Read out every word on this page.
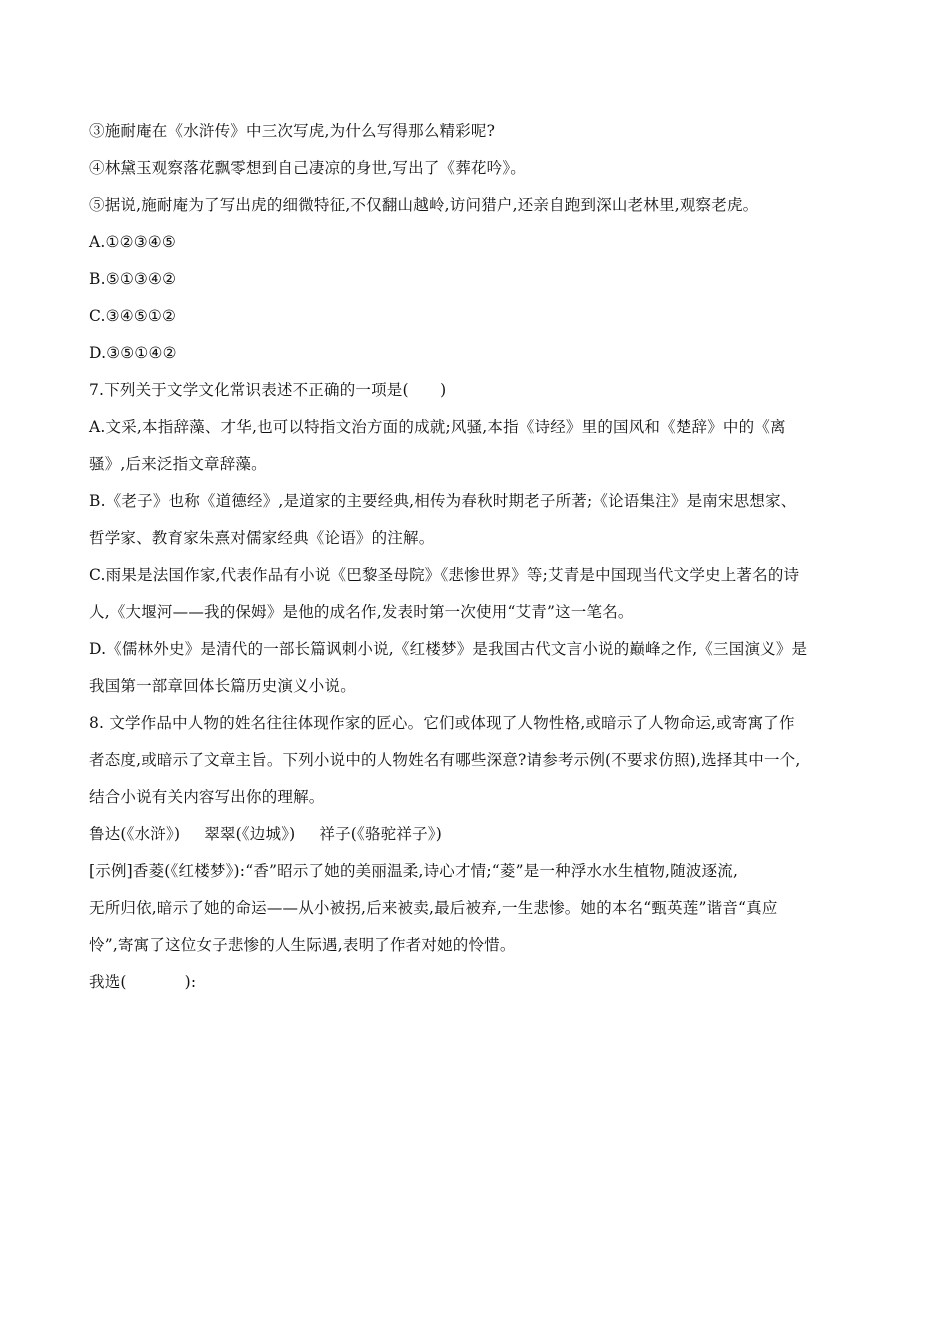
③施耐庵在《水浒传》中三次写虎,为什么写得那么精彩呢?
④林黛玉观察落花飘零想到自己凄凉的身世,写出了《葬花吟》。
⑤据说,施耐庵为了写出虎的细微特征,不仅翻山越岭,访问猎户,还亲自跑到深山老林里,观察老虎。
A.①②③④⑤
B.⑤①③④②
C.③④⑤①②
D.③⑤①④②
7.下列关于文学文化常识表述不正确的一项是(　　)
A.文采,本指辞藻、才华,也可以特指文治方面的成就;风骚,本指《诗经》里的国风和《楚辞》中的《离
骚》,后来泛指文章辞藻。
B.《老子》也称《道德经》,是道家的主要经典,相传为春秋时期老子所著;《论语集注》是南宋思想家、
哲学家、教育家朱熹对儒家经典《论语》的注解。
C.雨果是法国作家,代表作品有小说《巴黎圣母院》《悲惨世界》等;艾青是中国现当代文学史上著名的诗
人,《大堰河——我的保姆》是他的成名作,发表时第一次使用“艾青”这一笔名。
D.《儒林外史》是清代的一部长篇讽刺小说,《红楼梦》是我国古代文言小说的巅峰之作,《三国演义》是
我国第一部章回体长篇历史演义小说。
8. 文学作品中人物的姓名往往体现作家的匠心。它们或体现了人物性格,或暗示了人物命运,或寄寓了作
者态度,或暗示了文章主旨。下列小说中的人物姓名有哪些深意?请参考示例(不要求仿照),选择其中一个,
结合小说有关内容写出你的理解。
鲁达(《水浒》) 翠翠(《边城》) 祥子(《骆驼祥子》)
[示例]香菱(《红楼梦》):“香”昭示了她的美丽温柔,诗心才情;“菱”是一种浮水水生植物,随波逐流,
无所归依,暗示了她的命运——从小被拐,后来被卖,最后被弃,一生悲惨。她的本名“甄英莲”谐音“真应
怜”,寄寓了这位女子悲惨的人生际遇,表明了作者对她的怜惜。
我选(	):
